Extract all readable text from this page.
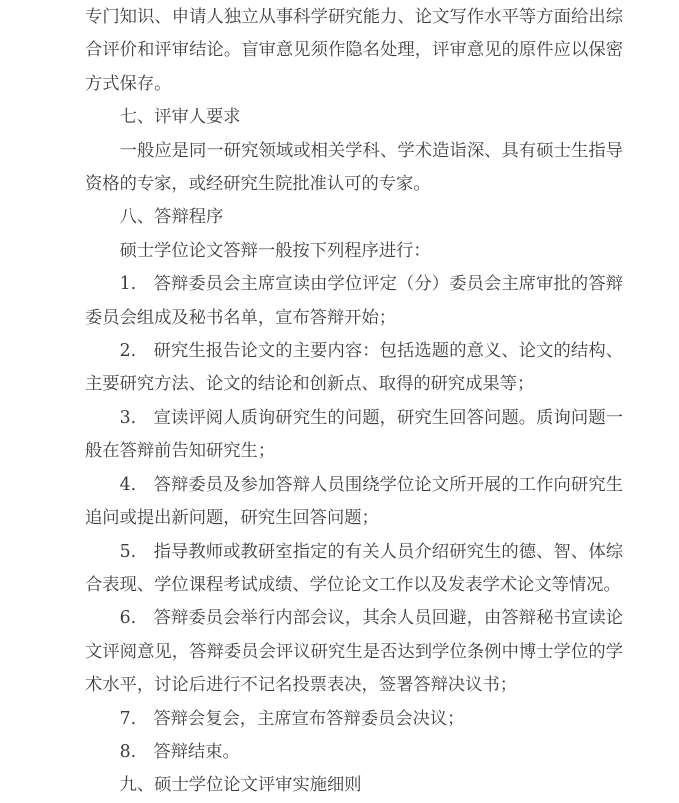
专门知识、申请人独立从事科学研究能力、论文写作水平等方面给出综合评价和评审结论。盲审意见须作隐名处理，评审意见的原件应以保密方式保存。

七、评审人要求

一般应是同一研究领域或相关学科、学术造诣深、具有硕士生指导资格的专家，或经研究生院批准认可的专家。

八、答辩程序

硕士学位论文答辩一般按下列程序进行：

1.　答辩委员会主席宣读由学位评定（分）委员会主席审批的答辩委员会组成及秘书名单，宣布答辩开始；

2.　研究生报告论文的主要内容：包括选题的意义、论文的结构、主要研究方法、论文的结论和创新点、取得的研究成果等；

3.　宣读评阅人质询研究生的问题，研究生回答问题。质询问题一般在答辩前告知研究生；

4.　答辩委员及参加答辩人员围绕学位论文所开展的工作向研究生追问或提出新问题，研究生回答问题；

5.　指导教师或教研室指定的有关人员介绍研究生的德、智、体综合表现、学位课程考试成绩、学位论文工作以及发表学术论文等情况。

6.　答辩委员会举行内部会议，其余人员回避，由答辩秘书宣读论文评阅意见，答辩委员会评议研究生是否达到学位条例中博士学位的学术水平，讨论后进行不记名投票表决，签署答辩决议书；

7.　答辩会复会，主席宣布答辩委员会决议；

8.　答辩结束。

九、硕士学位论文评审实施细则
